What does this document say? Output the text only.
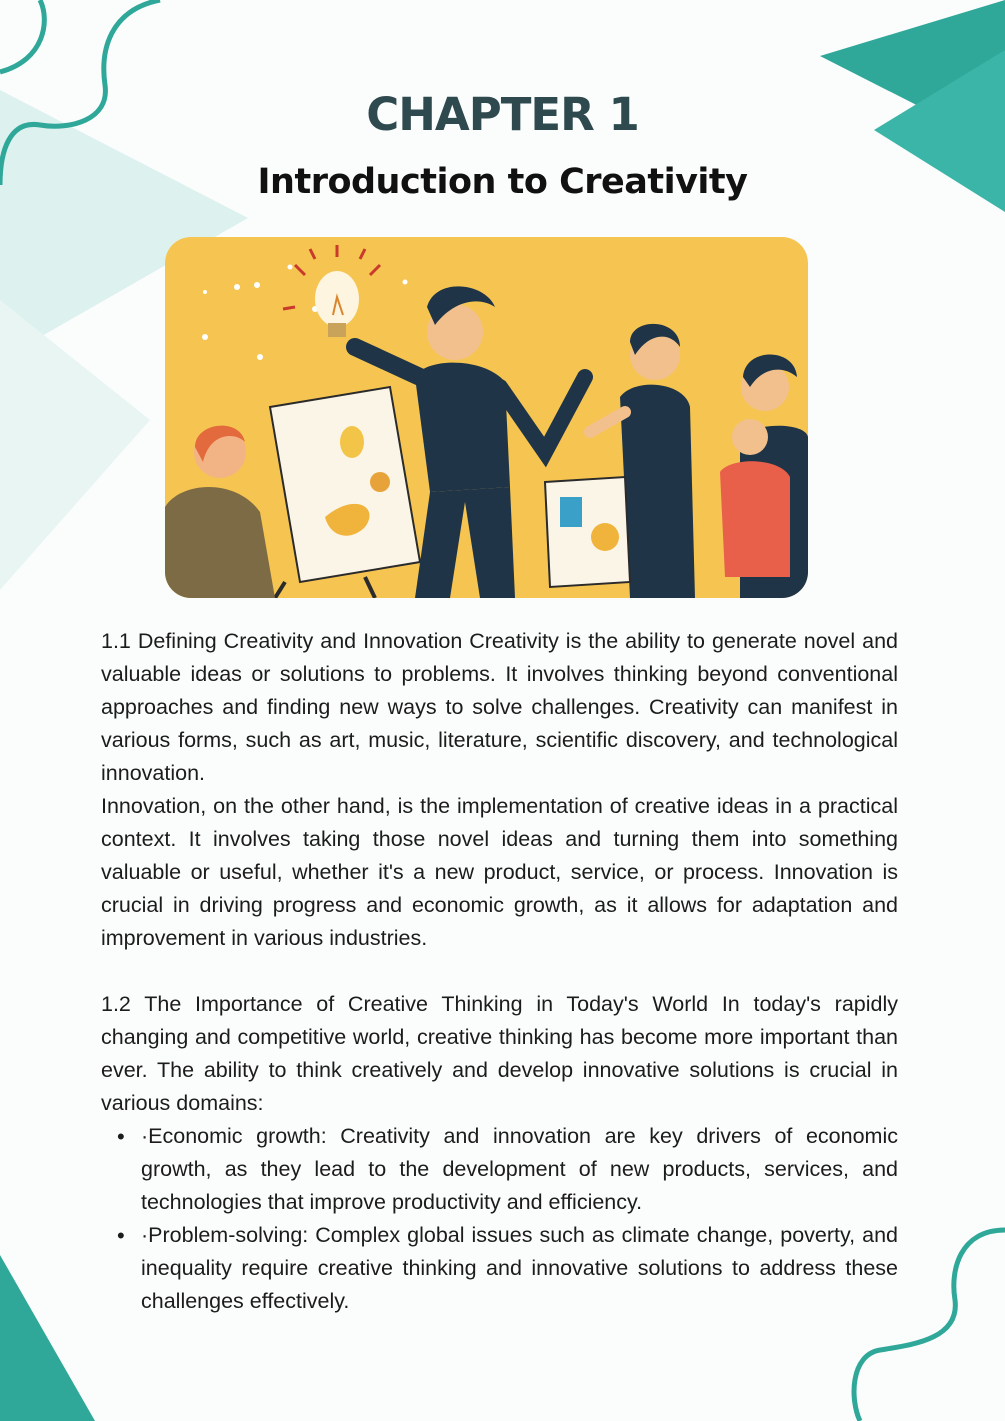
CHAPTER 1
Introduction to Creativity

1.1 Defining Creativity and Innovation Creativity is the ability to generate novel and valuable ideas or solutions to problems. It involves thinking beyond conventional approaches and finding new ways to solve challenges. Creativity can manifest in various forms, such as art, music, literature, scientific discovery, and technological innovation.

Innovation, on the other hand, is the implementation of creative ideas in a practical context. It involves taking those novel ideas and turning them into something valuable or useful, whether it's a new product, service, or process. Innovation is crucial in driving progress and economic growth, as it allows for adaptation and improvement in various industries.

1.2 The Importance of Creative Thinking in Today's World In today's rapidly changing and competitive world, creative thinking has become more important than ever. The ability to think creatively and develop innovative solutions is crucial in various domains:

• ·Economic growth: Creativity and innovation are key drivers of economic growth, as they lead to the development of new products, services, and technologies that improve productivity and efficiency.
• ·Problem-solving: Complex global issues such as climate change, poverty, and inequality require creative thinking and innovative solutions to address these challenges effectively.
